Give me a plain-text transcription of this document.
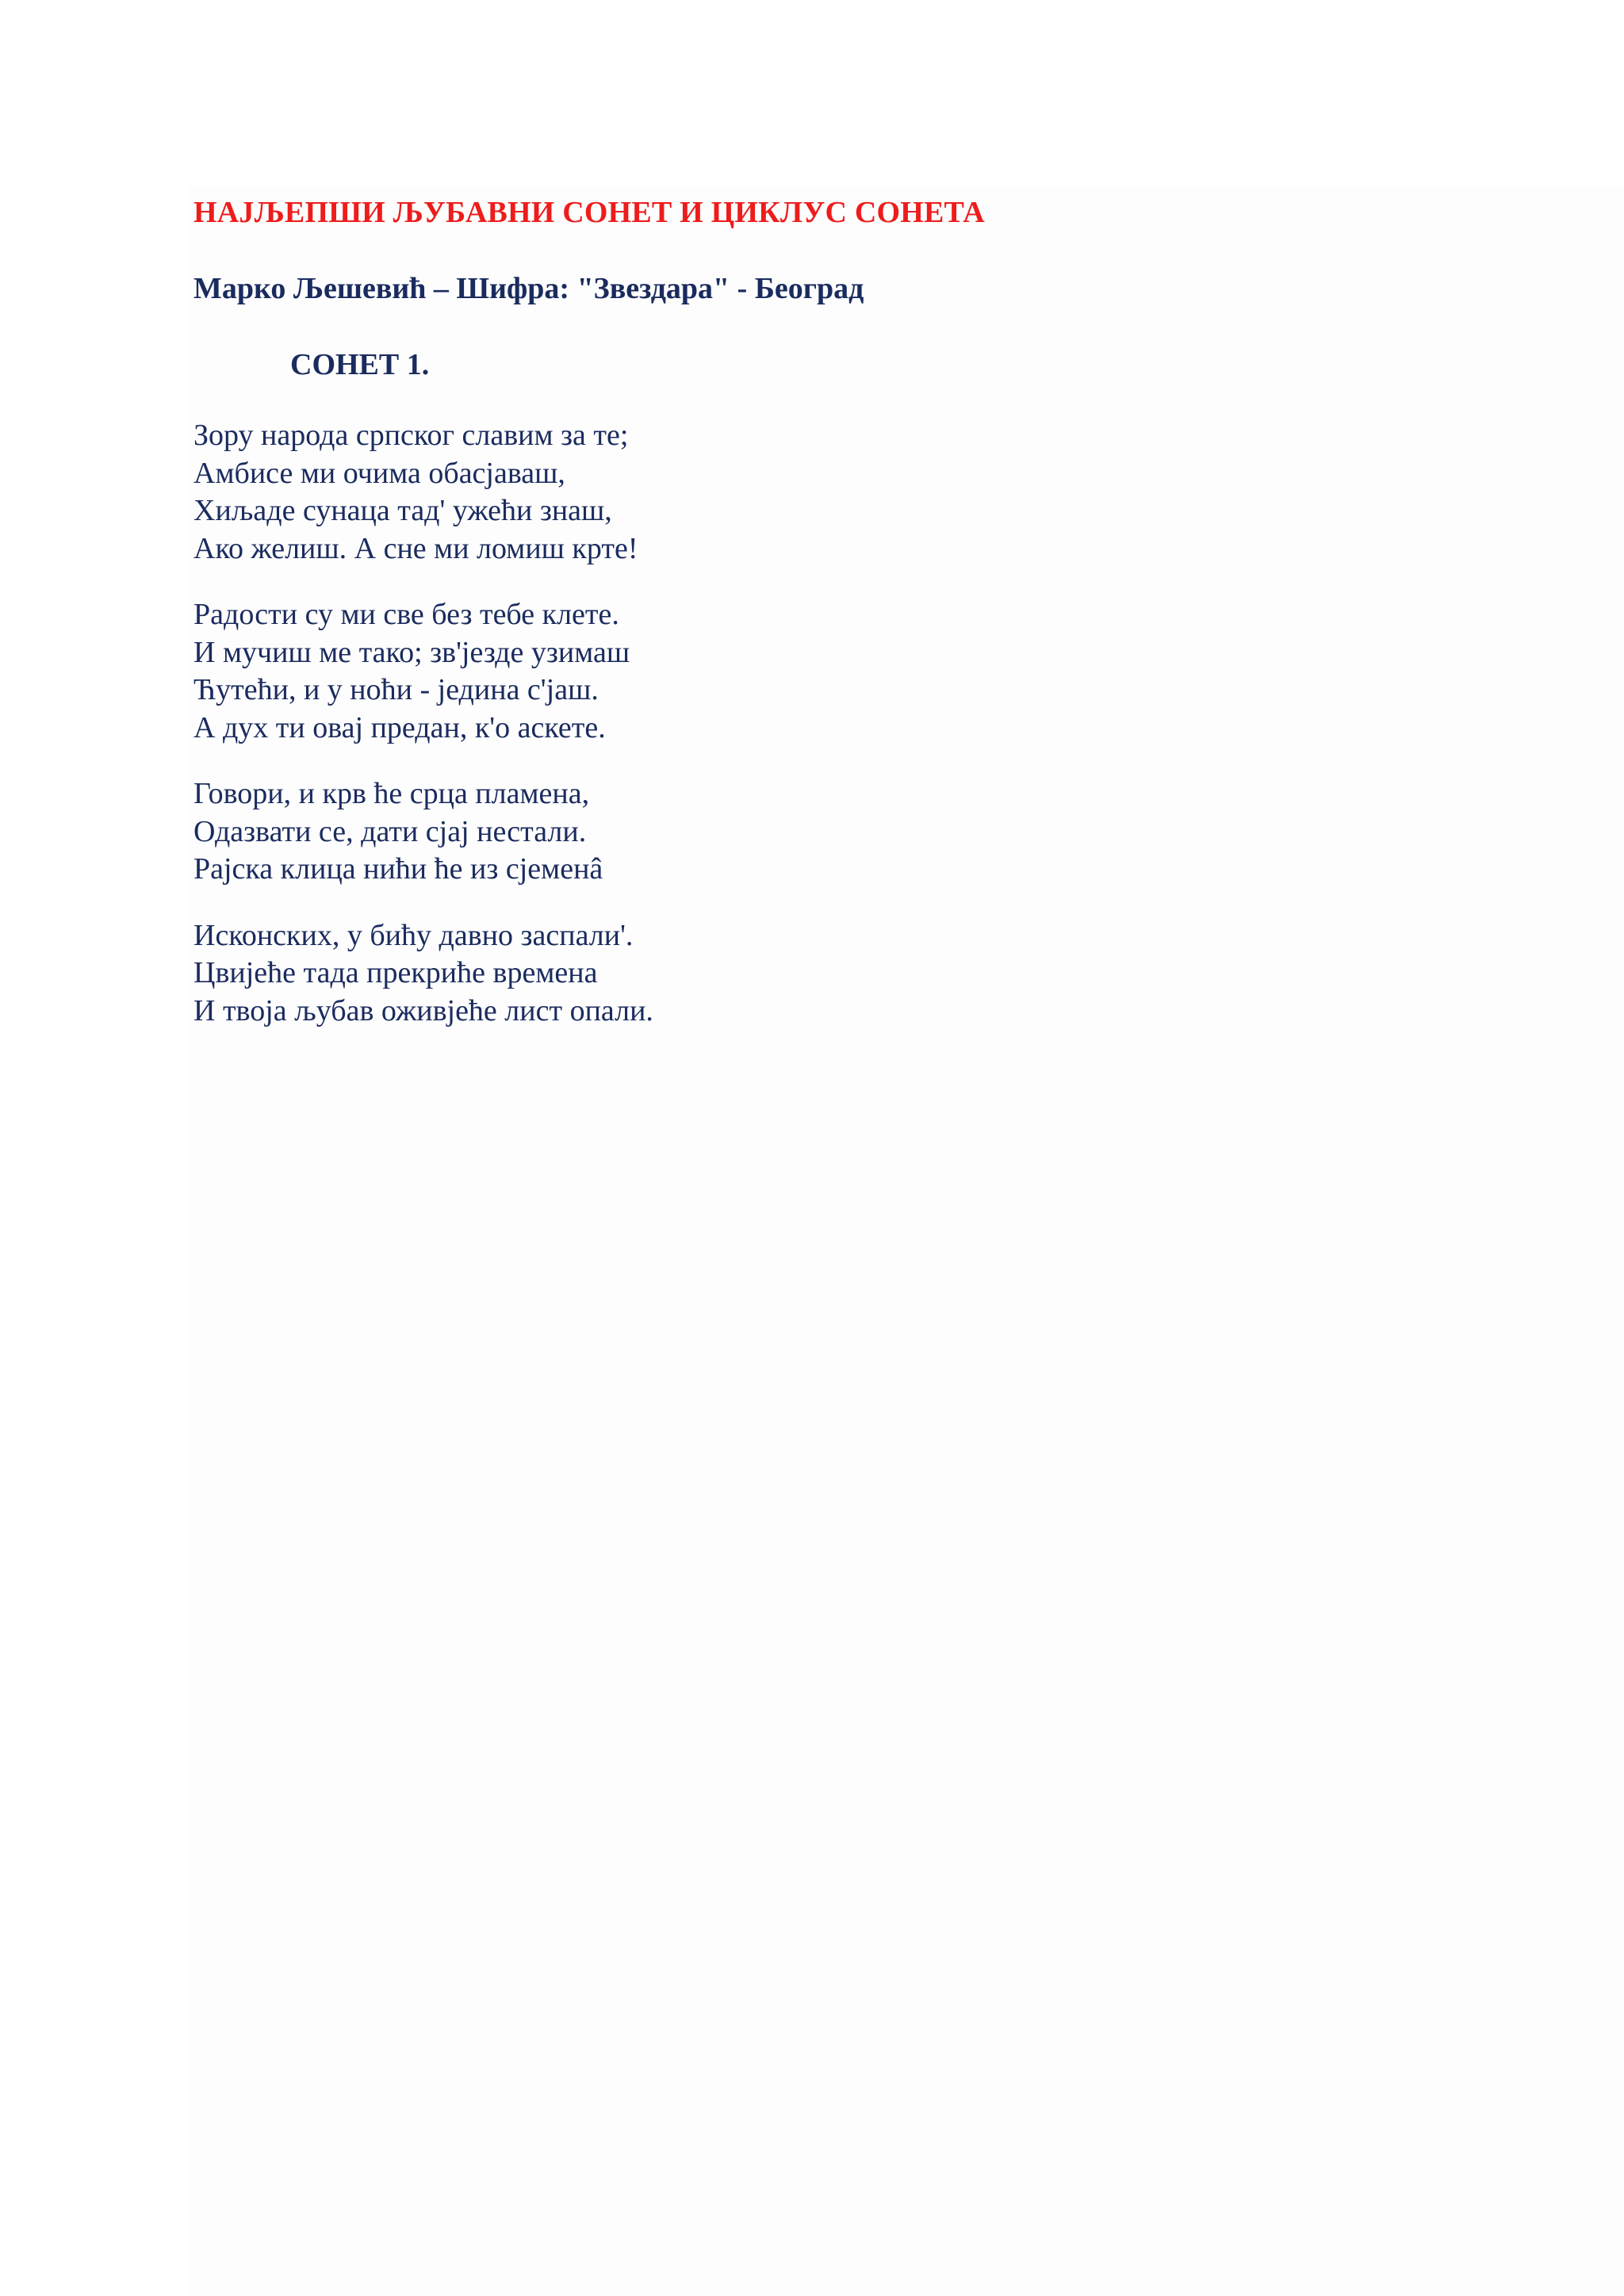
НАЈЉЕПШИ ЉУБАВНИ СОНЕТ И ЦИКЛУС СОНЕТА
Марко Љешевић – Шифра: "Звездара" - Београд
СОНЕТ 1.
Зору народа српског славим за те;
Амбисе ми очима обасјаваш,
Хиљаде сунаца тад' ужећи знаш,
Ако желиш. А сне ми ломиш крте!
Радости су ми све без тебе клете.
И мучиш ме тако; зв'језде узимаш
Ћутећи, и у ноћи - једина с'јаш.
А дух ти овај предан, к'о аскете.
Говори, и крв ће срца пламена,
Одазвати се, дати сјај нестали.
Рајска клица нићи ће из сјеменâ
Исконских, у бићу давно заспали'.
Цвијеће тада прекриће времена
И твоја љубав оживјеће лист опали.
